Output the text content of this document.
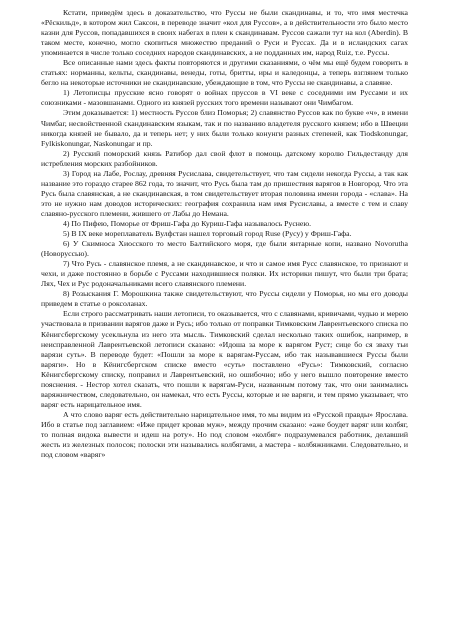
Кстати, приведём здесь в доказательство, что Руссы не были скандинавы, и то, что имя местечка «Рёскильд», в котором жил Саксон, в переводе значит «кол для Руссов», а в действительности это было место казни для Руссов, попадавшихся в своих набегах в плен к скандинавам. Руссов сажали тут на кол (Aberdin). В таком месте, конечно, могло скопиться множество преданий о Руси и Руссах. Да и в исландских сагах упоминается в числе только соседних народов скандинавских, а не подданных им, народ Ruiz, т.е. Руссы.

Все описанные нами здесь факты повторяются и другими сказаниями, о чём мы ещё будем говорить в статьях: норманны, кельты, скандинавы, венеды, готы, бритты, иры и каледонцы, а теперь взглянем только бегло на некоторые источники не скандинавские, убеждающие в том, что Руссы не скандинавы, а славяне.

1) Летописцы прусские ясно говорят о войнах пруссов в VI веке с соседними им Руссами и их союзниками - мазовшанами. Одного из князей русских того времени называют они Чимбагом.

Этим доказывается: 1) местность Руссов близ Поморья; 2) славянство Руссов как по букве «ч», в имени Чимбаг, несвойственной скандинавским языкам, так и по названию владетеля русского князем; ибо в Швеции никогда князей не бывало, да и теперь нет; у них были только конунги разных степеней, как Tiodskonungar, Fylkiskonungar, Naskonungar и пр.

2) Русский поморский князь Ратибор дал свой флот в помощь датскому королю Гильдестанду для истребления морских разбойников.

3) Город на Лабе, Рослау, древняя Русислава, свидетельствует, что там сидели некогда Руссы, а так как название это гораздо старее 862 года, то значит, что Русь была там до пришествия варягов в Новгород. Что эта Русь была славянская, а не скандинавская, в том свидетельствует вторая половина имени города - «слава». На это не нужно нам доводов исторических: география сохранила нам имя Русиславы, а вместе с тем и славу славяно-русского племени, жившего от Лабы до Немана.

4) По Пифею, Поморье от Фриш-Гафа до Куриш-Гафа называлось Руснею.

5) В IX веке мореплаватель Вулфстан нашел торговый город Ruse (Русу) у Фриш-Гафа.

6) У Скимноса Хиосского то место Балтийского моря, где были янтарные копи, названо Novorutha (Новоруссью).

7) Что Русь - славянское племя, а не скандинавское, и что и самое имя Русс славянское, то признают и чехи, и даже постоянно в борьбе с Руссами находившиеся поляки. Их историки пишут, что были три брата; Лях, Чех и Рус родоначальниками всего славянского племени.

8) Розыскания Г. Морошкина также свидетельствуют, что Руссы сидели у Поморья, но мы его доводы приведем в статье о роксоланах.

Если строго рассматривать наши летописи, то оказывается, что с славянами, кривичами, чудью и мерею участвовала в призвании варягов даже и Русь; ибо только от поправки Тимковским Лаврентьевского списка по Кёнигсбергскому усекльнула из него эта мысль. Тимковский сделал несколько таких ошибок, например, в неисправленной Лаврентьевской летописи сказано: «Идоша за море к варягом Руст; сице бо ся зваху тьи варязи суть». В переводе будет: «Пошли за море к варягам-Руссам, ибо так называвшиеся Руссы были варяги». Но в Кёнигсбергском списке вместо «суть» поставлено «Русь»: Тимковский, согласно Кёнигсбергскому списку, поправил и Лаврентьевский, но ошибочно; ибо у него вышло повторение вместо пояснения. - Нестор хотел сказать, что пошли к варягам-Руси, названным потому так, что они занимались варяжничеством, следовательно, он намекал, что есть Руссы, которые и не варяги, и тем прямо указывает, что варяг есть нарицательное имя.

А что слово варяг есть действительно нарицательное имя, то мы видим из «Русской правды» Ярослава. Ибо в статье под заглавием: «Иже придет кровав муж», между прочим сказано: «аже боудет варяг или колбяг, то полная видока вывести и идеш на роту». Но под словом «колбяг» подразумевался работник, делавший жесть из железных полосок; полоски эти назывались колбягами, а мастера - колбяжниками. Следовательно, и под словом «варяг»
